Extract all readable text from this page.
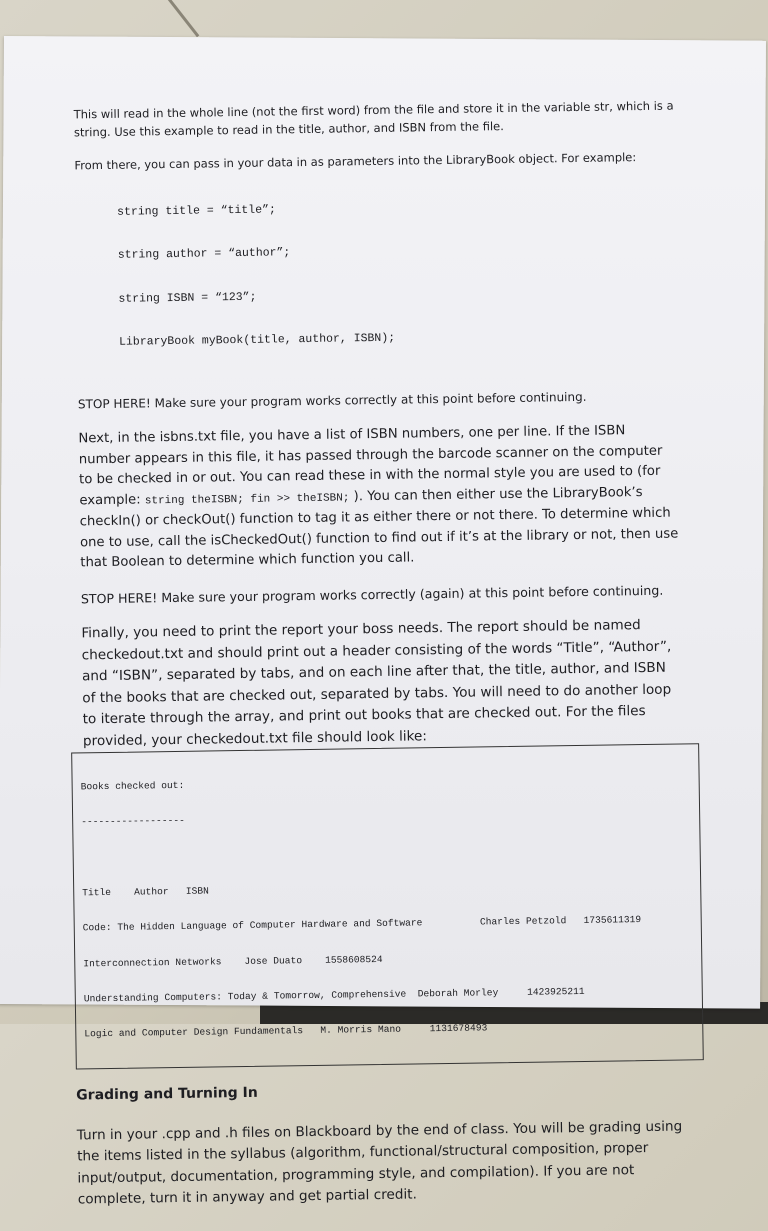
This will read in the whole line (not the first word) from the file and store it in the variable str, which is a string. Use this example to read in the title, author, and ISBN from the file.

From there, you can pass in your data in as parameters into the LibraryBook object. For example:

string title = “title”;

string author = “author”;

string ISBN = “123”;

LibraryBook myBook(title, author, ISBN);

STOP HERE! Make sure your program works correctly at this point before continuing.

Next, in the isbns.txt file, you have a list of ISBN numbers, one per line. If the ISBN number appears in this file, it has passed through the barcode scanner on the computer to be checked in or out. You can read these in with the normal style you are used to (for example: string theISBN; fin >> theISBN; ). You can then either use the LibraryBook’s checkIn() or checkOut() function to tag it as either there or not there. To determine which one to use, call the isCheckedOut() function to find out if it’s at the library or not, then use that Boolean to determine which function you call.

STOP HERE! Make sure your program works correctly (again) at this point before continuing.

Finally, you need to print the report your boss needs. The report should be named checkedout.txt and should print out a header consisting of the words “Title”, “Author”, and “ISBN”, separated by tabs, and on each line after that, the title, author, and ISBN of the books that are checked out, separated by tabs. You will need to do another loop to iterate through the array, and print out books that are checked out. For the files provided, your checkedout.txt file should look like:

Books checked out:

------------------

Title    Author   ISBN

Code: The Hidden Language of Computer Hardware and Software          Charles Petzold   1735611319

Interconnection Networks    Jose Duato    1558608524

Understanding Computers: Today & Tomorrow, Comprehensive  Deborah Morley     1423925211

Logic and Computer Design Fundamentals   M. Morris Mano     1131678493

Grading and Turning In

Turn in your .cpp and .h files on Blackboard by the end of class. You will be grading using the items listed in the syllabus (algorithm, functional/structural composition, proper input/output, documentation, programming style, and compilation). If you are not complete, turn it in anyway and get partial credit.
